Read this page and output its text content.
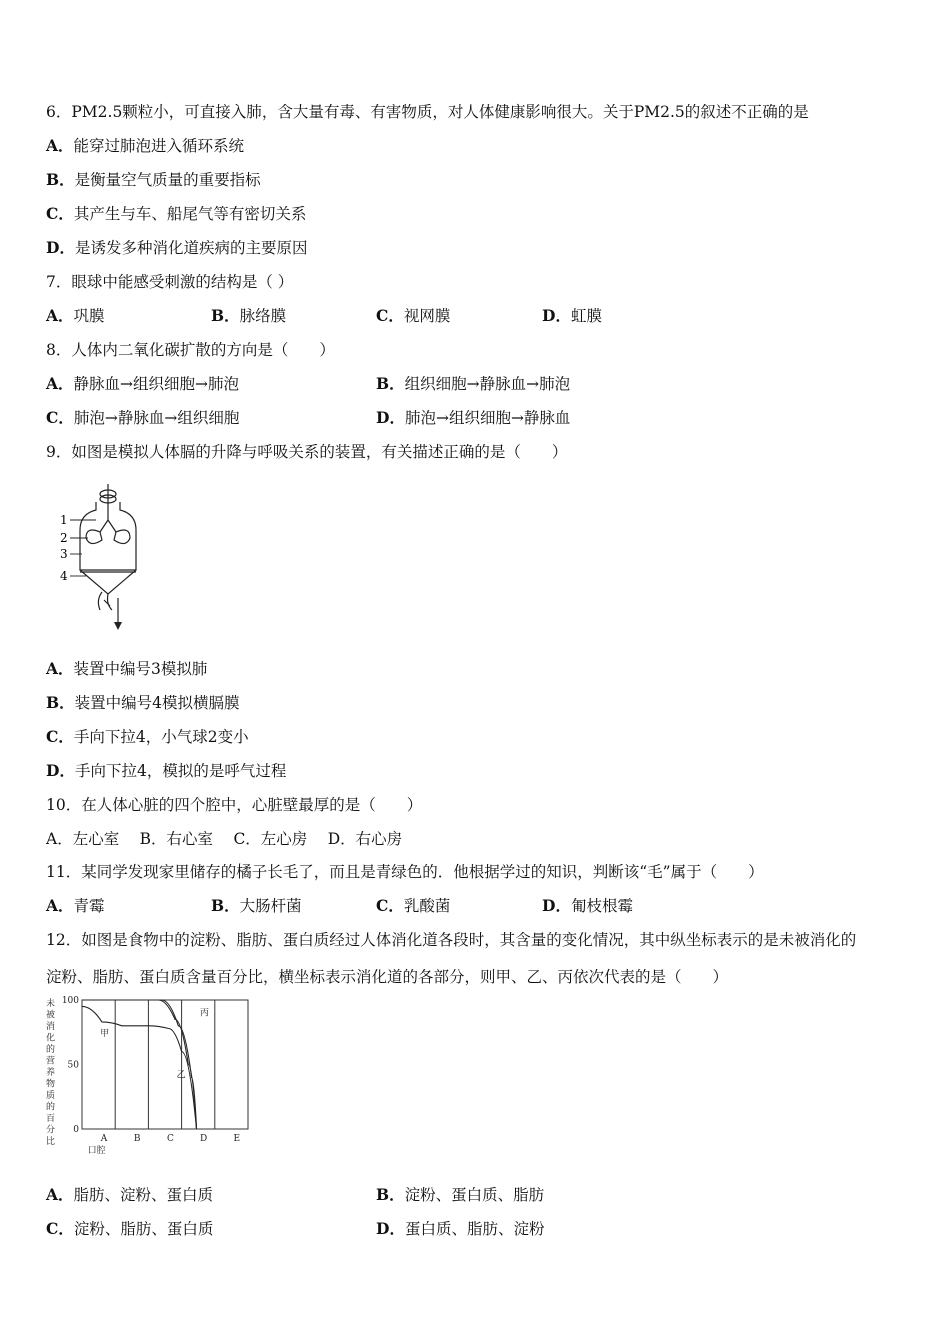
6．PM2.5颗粒小，可直接入肺，含大量有毒、有害物质，对人体健康影响很大。关于PM2.5的叙述不正确的是
A．能穿过肺泡进入循环系统
B．是衡量空气质量的重要指标
C．其产生与车、船尾气等有密切关系
D．是诱发多种消化道疾病的主要原因
7．眼球中能感受刺激的结构是（ ）
A．巩膜	B．脉络膜	C．视网膜	D．虹膜
8．人体内二氧化碳扩散的方向是（　　）
A．静脉血→组织细胞→肺泡	B．组织细胞→静脉血→肺泡
C．肺泡→静脉血→组织细胞	D．肺泡→组织细胞→静脉血
9．如图是模拟人体膈的升降与呼吸关系的装置，有关描述正确的是（　　）
1
2
3
4
A．装置中编号3模拟肺
B．装置中编号4模拟横膈膜
C．手向下拉4，小气球2变小
D．手向下拉4，模拟的是呼气过程
10．在人体心脏的四个腔中，心脏壁最厚的是（　　）
A．左心室　 B．右心室　 C．左心房　 D．右心房
11．某同学发现家里储存的橘子长毛了，而且是青绿色的．他根据学过的知识，判断该“毛”属于（　　）
A．青霉	B．大肠杆菌	C．乳酸菌	D．匍枝根霉
12．如图是食物中的淀粉、脂肪、蛋白质经过人体消化道各段时，其含量的变化情况，其中纵坐标表示的是未被消化的
淀粉、脂肪、蛋白质含量百分比，横坐标表示消化道的各部分，则甲、乙、丙依次代表的是（　　）
未
被
消
化
的
营
养
物
质
的
百
分
比
100
50
0
A	B	C	D	E
口腔
甲
乙
丙
A．脂肪、淀粉、蛋白质	B．淀粉、蛋白质、脂肪
C．淀粉、脂肪、蛋白质	D．蛋白质、脂肪、淀粉
